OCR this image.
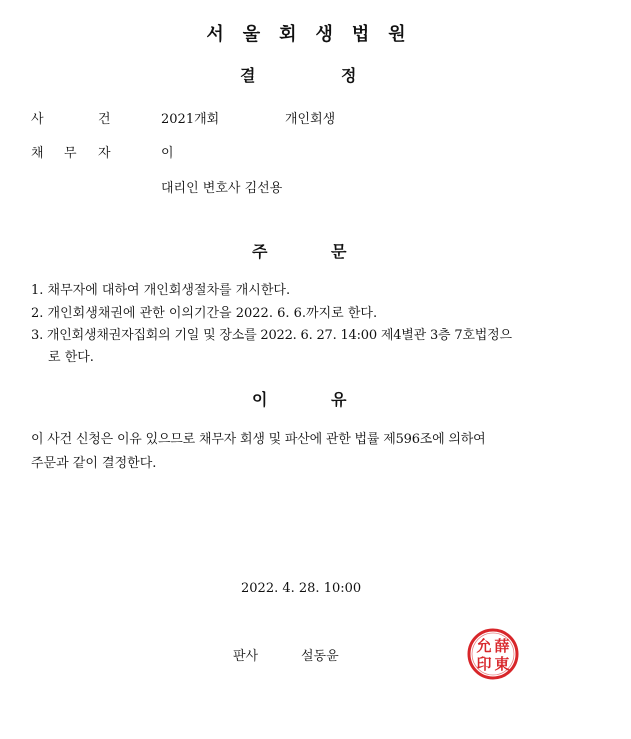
서울회생법원
결	정
사	건	2021개회	개인회생
채 무 자	이
대리인 변호사 김선용
주	문
1. 채무자에 대하여 개인회생절차를 개시한다.
2. 개인회생채권에 관한 이의기간을 2022. 6. 6.까지로 한다.
3. 개인회생채권자집회의 기일 및 장소를 2022. 6. 27. 14:00 제4별관 3층 7호법정으
로 한다.
이	유
이 사건 신청은 이유 있으므로 채무자 회생 및 파산에 관한 법률 제596조에 의하여
주문과 같이 결정한다.
2022. 4. 28. 10:00
판사	설동윤
薛
東
允
印
